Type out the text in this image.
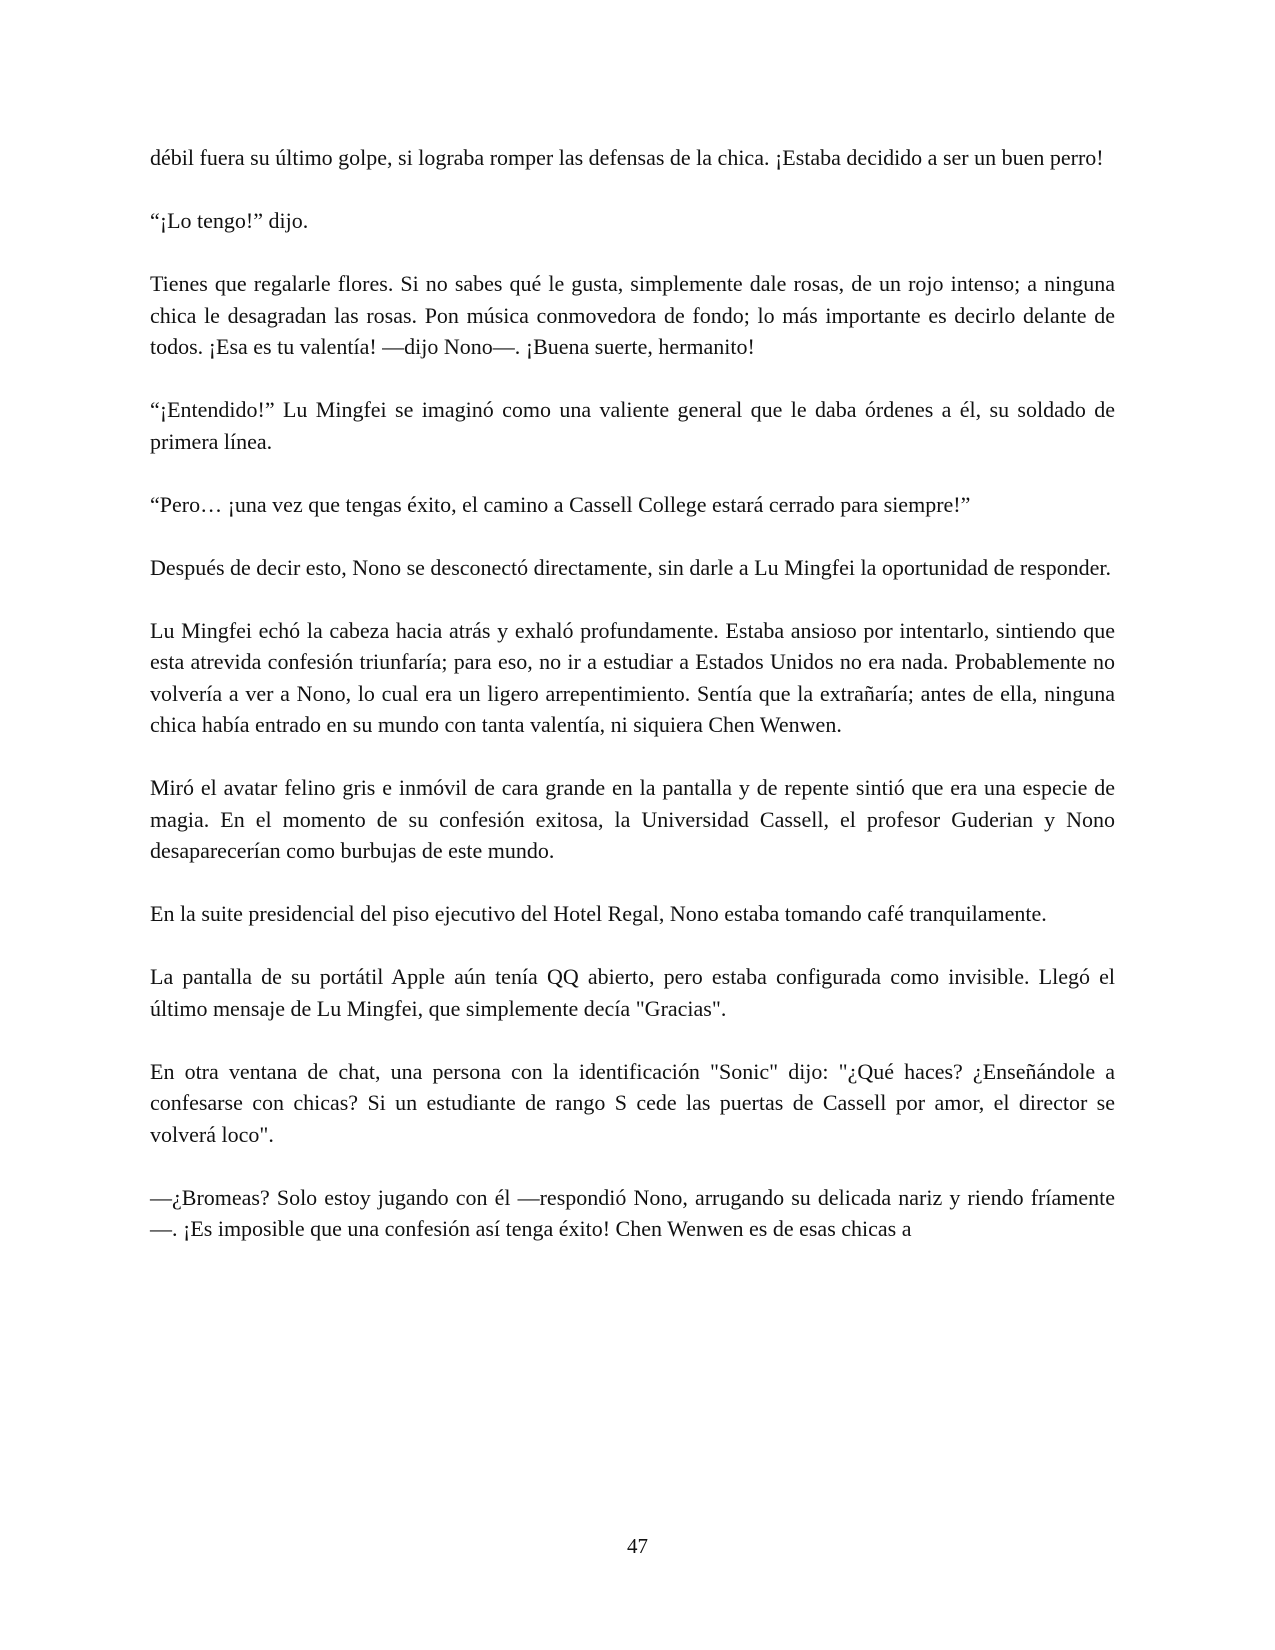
débil fuera su último golpe, si lograba romper las defensas de la chica. ¡Estaba decidido a ser un buen perro!

“¡Lo tengo!” dijo.

Tienes que regalarle flores. Si no sabes qué le gusta, simplemente dale rosas, de un rojo intenso; a ninguna chica le desagradan las rosas. Pon música conmovedora de fondo; lo más importante es decirlo delante de todos. ¡Esa es tu valentía! —dijo Nono—. ¡Buena suerte, hermanito!

“¡Entendido!” Lu Mingfei se imaginó como una valiente general que le daba órdenes a él, su soldado de primera línea.

“Pero… ¡una vez que tengas éxito, el camino a Cassell College estará cerrado para siempre!”

Después de decir esto, Nono se desconectó directamente, sin darle a Lu Mingfei la oportunidad de responder.

Lu Mingfei echó la cabeza hacia atrás y exhaló profundamente. Estaba ansioso por intentarlo, sintiendo que esta atrevida confesión triunfaría; para eso, no ir a estudiar a Estados Unidos no era nada. Probablemente no volvería a ver a Nono, lo cual era un ligero arrepentimiento. Sentía que la extrañaría; antes de ella, ninguna chica había entrado en su mundo con tanta valentía, ni siquiera Chen Wenwen.

Miró el avatar felino gris e inmóvil de cara grande en la pantalla y de repente sintió que era una especie de magia. En el momento de su confesión exitosa, la Universidad Cassell, el profesor Guderian y Nono desaparecerían como burbujas de este mundo.

En la suite presidencial del piso ejecutivo del Hotel Regal, Nono estaba tomando café tranquilamente.

La pantalla de su portátil Apple aún tenía QQ abierto, pero estaba configurada como invisible. Llegó el último mensaje de Lu Mingfei, que simplemente decía "Gracias".

En otra ventana de chat, una persona con la identificación "Sonic" dijo: "¿Qué haces? ¿Enseñándole a confesarse con chicas? Si un estudiante de rango S cede las puertas de Cassell por amor, el director se volverá loco".

—¿Bromeas? Solo estoy jugando con él —respondió Nono, arrugando su delicada nariz y riendo fríamente—. ¡Es imposible que una confesión así tenga éxito! Chen Wenwen es de esas chicas a

47
